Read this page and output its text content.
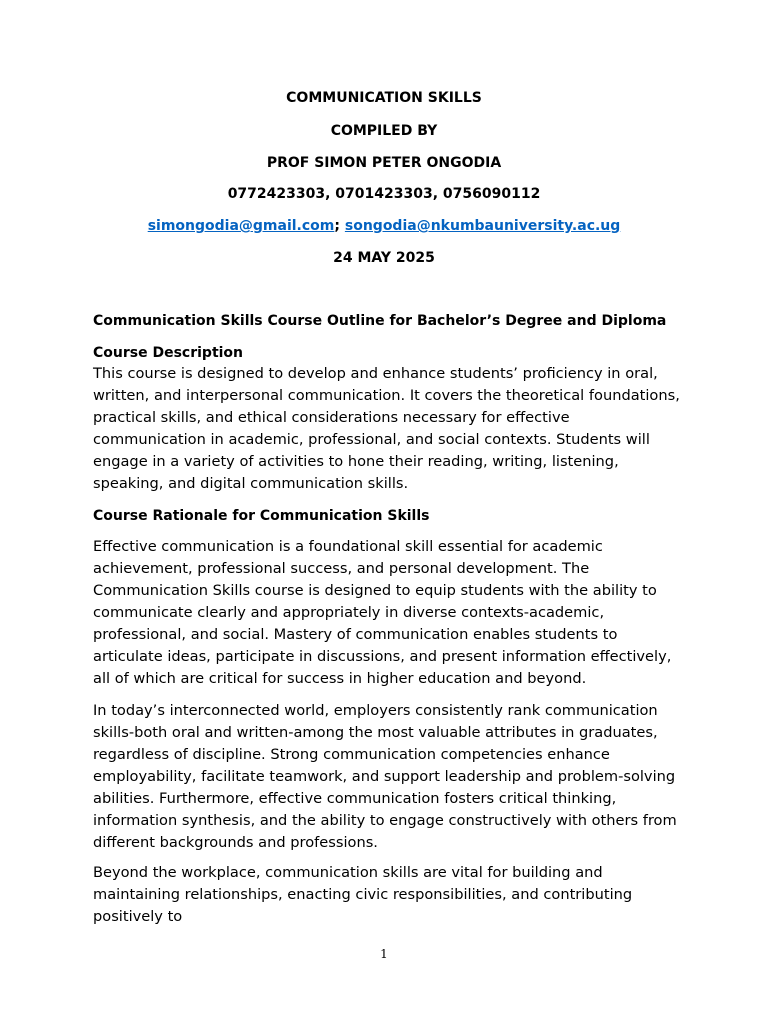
COMMUNICATION SKILLS
COMPILED BY
PROF SIMON PETER ONGODIA
0772423303, 0701423303, 0756090112
simongodia@gmail.com; songodia@nkumbauniversity.ac.ug
24 MAY 2025
Communication Skills Course Outline for Bachelor’s Degree and Diploma
Course Description

This course is designed to develop and enhance students’ proficiency in oral, written, and interpersonal communication. It covers the theoretical foundations, practical skills, and ethical considerations necessary for effective communication in academic, professional, and social contexts. Students will engage in a variety of activities to hone their reading, writing, listening, speaking, and digital communication skills.

Course Rationale for Communication Skills

Effective communication is a foundational skill essential for academic achievement, professional success, and personal development. The Communication Skills course is designed to equip students with the ability to communicate clearly and appropriately in diverse contexts-academic, professional, and social. Mastery of communication enables students to articulate ideas, participate in discussions, and present information effectively, all of which are critical for success in higher education and beyond.

In today’s interconnected world, employers consistently rank communication skills-both oral and written-among the most valuable attributes in graduates, regardless of discipline. Strong communication competencies enhance employability, facilitate teamwork, and support leadership and problem-solving abilities. Furthermore, effective communication fosters critical thinking, information synthesis, and the ability to engage constructively with others from different backgrounds and professions.

Beyond the workplace, communication skills are vital for building and maintaining relationships, enacting civic responsibilities, and contributing positively to

1
